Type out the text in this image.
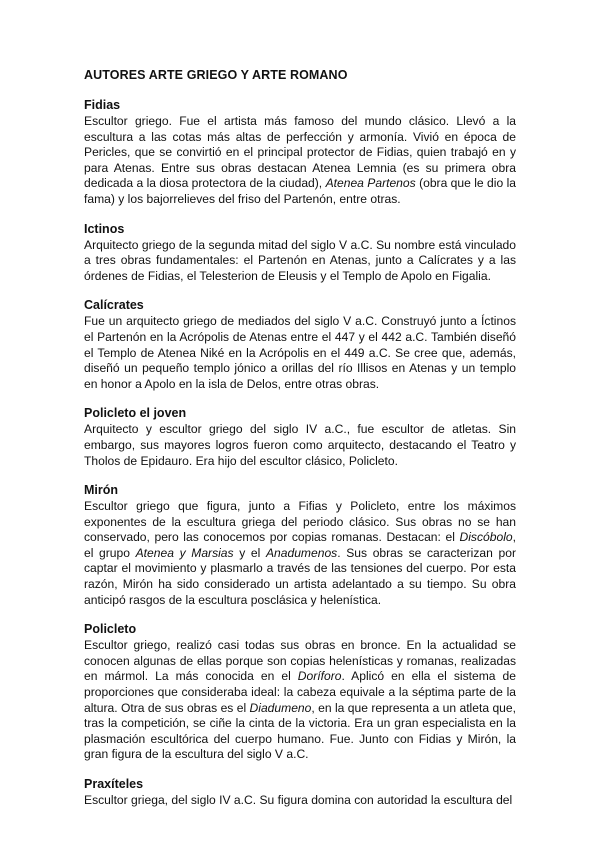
AUTORES ARTE GRIEGO Y ARTE ROMANO
Fidias

Escultor griego. Fue el artista más famoso del mundo clásico. Llevó a la escultura a las cotas más altas de perfección y armonía. Vivió en época de Pericles, que se convirtió en el principal protector de Fidias, quien trabajó en y para Atenas. Entre sus obras destacan Atenea Lemnia (es su primera obra dedicada a la diosa protectora de la ciudad), Atenea Partenos (obra que le dio la fama) y los bajorrelieves del friso del Partenón, entre otras.

Ictinos

Arquitecto griego de la segunda mitad del siglo V a.C. Su nombre está vinculado a tres obras fundamentales: el Partenón en Atenas, junto a Calícrates y a las órdenes de Fidias, el Telesterion de Eleusis y el Templo de Apolo en Figalia.

Calícrates

Fue un arquitecto griego de mediados del siglo V a.C. Construyó junto a Íctinos el Partenón en la Acrópolis de Atenas entre el 447 y el 442 a.C. También diseñó el Templo de Atenea Niké en la Acrópolis en el 449 a.C. Se cree que, además, diseñó un pequeño templo jónico a orillas del río Illisos en Atenas y un templo en honor a Apolo en la isla de Delos, entre otras obras.

Policleto el joven

Arquitecto y escultor griego del siglo IV a.C., fue escultor de atletas. Sin embargo, sus mayores logros fueron como arquitecto, destacando el Teatro y Tholos de Epidauro. Era hijo del escultor clásico, Policleto.

Mirón

Escultor griego que figura, junto a Fifias y Policleto, entre los máximos exponentes de la escultura griega del periodo clásico. Sus obras no se han conservado, pero las conocemos por copias romanas. Destacan: el Discóbolo, el grupo Atenea y Marsias y el Anadumenos. Sus obras se caracterizan por captar el movimiento y plasmarlo a través de las tensiones del cuerpo. Por esta razón, Mirón ha sido considerado un artista adelantado a su tiempo. Su obra anticipó rasgos de la escultura posclásica y helenística.

Policleto

Escultor griego, realizó casi todas sus obras en bronce. En la actualidad se conocen algunas de ellas porque son copias helenísticas y romanas, realizadas en mármol. La más conocida en el Doríforo. Aplicó en ella el sistema de proporciones que consideraba ideal: la cabeza equivale a la séptima parte de la altura. Otra de sus obras es el Diadumeno, en la que representa a un atleta que, tras la competición, se ciñe la cinta de la victoria. Era un gran especialista en la plasmación escultórica del cuerpo humano. Fue. Junto con Fidias y Mirón, la gran figura de la escultura del siglo V a.C.

Praxíteles

Escultor griega, del siglo IV a.C. Su figura domina con autoridad la escultura del
